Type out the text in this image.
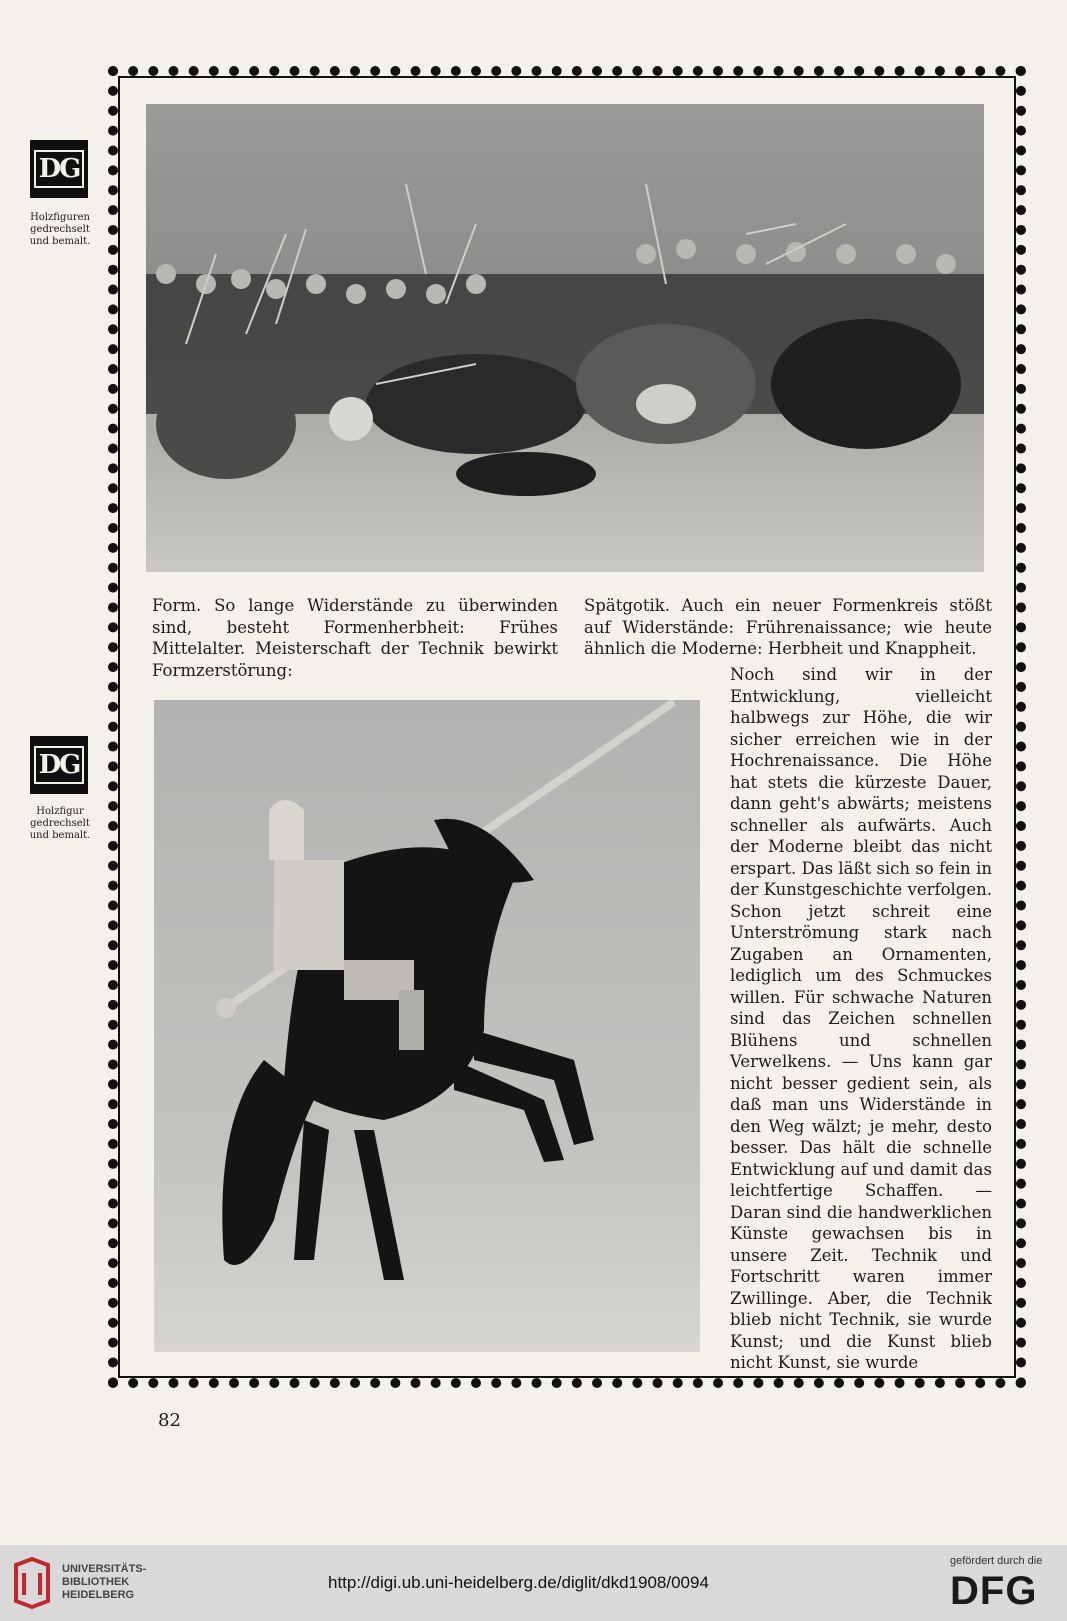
DG
Holzfiguren gedrechselt und bemalt.
DG
Holzfigur gedrechselt und bemalt.

Form. So lange Widerstände zu überwinden sind, besteht Formenherbheit: Frühes Mittelalter. Meisterschaft der Technik bewirkt Formzerstörung:

Spätgotik. Auch ein neuer Formenkreis stößt auf Widerstände: Frührenaissance; wie heute ähnlich die Moderne: Herbheit und Knappheit.

Noch sind wir in der Entwicklung, vielleicht halbwegs zur Höhe, die wir sicher erreichen wie in der Hochrenaissance. Die Höhe hat stets die kürzeste Dauer, dann geht's abwärts; meistens schneller als aufwärts. Auch der Moderne bleibt das nicht erspart. Das läßt sich so fein in der Kunstgeschichte verfolgen. Schon jetzt schreit eine Unterströmung stark nach Zugaben an Ornamenten, lediglich um des Schmuckes willen. Für schwache Naturen sind das Zeichen schnellen Blühens und schnellen Verwelkens. — Uns kann gar nicht besser gedient sein, als daß man uns Widerstände in den Weg wälzt; je mehr, desto besser. Das hält die schnelle Entwicklung auf und damit das leichtfertige Schaffen. — Daran sind die handwerklichen Künste gewachsen bis in unsere Zeit. Technik und Fortschritt waren immer Zwillinge. Aber, die Technik blieb nicht Technik, sie wurde Kunst; und die Kunst blieb nicht Kunst, sie wurde

82
UNIVERSITÄTS-
BIBLIOTHEK
HEIDELBERG
http://digi.ub.uni-heidelberg.de/diglit/dkd1908/0094
gefördert durch die
DFG
